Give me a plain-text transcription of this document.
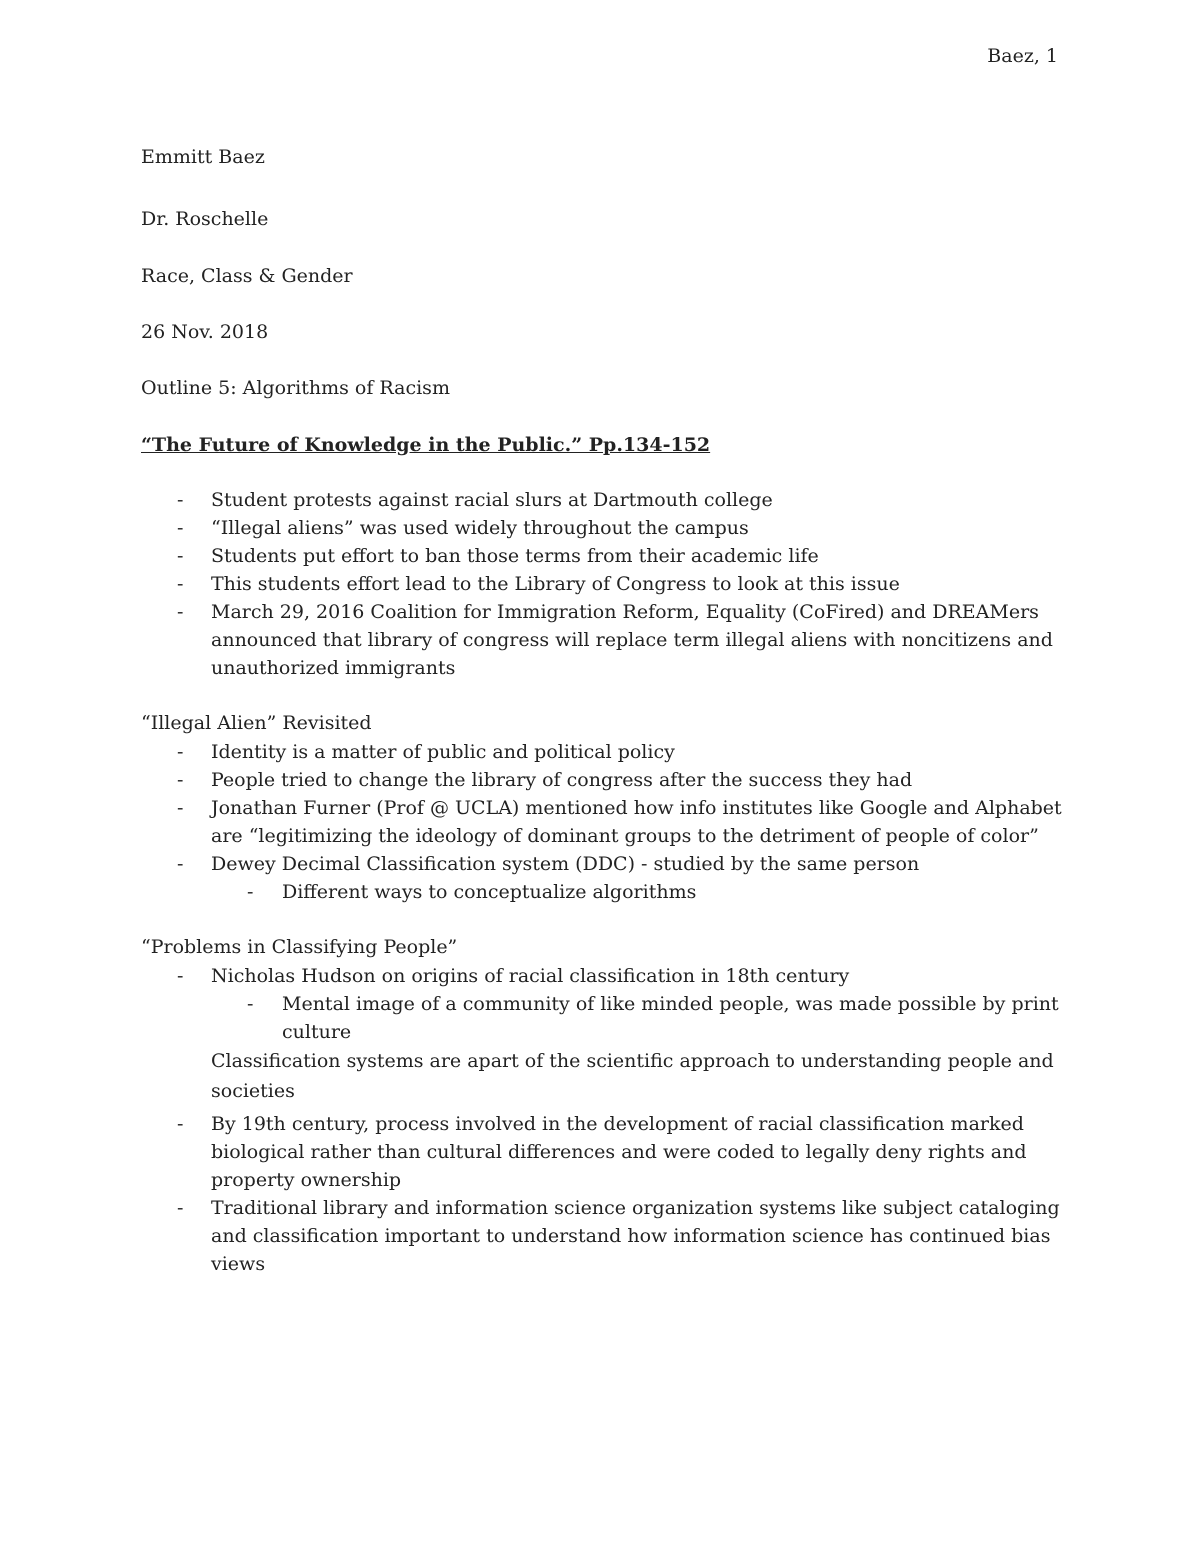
Baez, 1
Emmitt Baez
Dr. Roschelle
Race, Class & Gender
26 Nov. 2018
Outline 5: Algorithms of Racism
“The Future of Knowledge in the Public.” Pp.134-152
- Student protests against racial slurs at Dartmouth college
- “Illegal aliens” was used widely throughout the campus
- Students put effort to ban those terms from their academic life
- This students effort lead to the Library of Congress to look at this issue
- March 29, 2016 Coalition for Immigration Reform, Equality (CoFired) and DREAMers announced that library of congress will replace term illegal aliens with noncitizens and unauthorized immigrants
“Illegal Alien” Revisited
- Identity is a matter of public and political policy
- People tried to change the library of congress after the success they had
- Jonathan Furner (Prof @ UCLA) mentioned how info institutes like Google and Alphabet are “legitimizing the ideology of dominant groups to the detriment of people of color”
- Dewey Decimal Classification system (DDC) - studied by the same person
- Different ways to conceptualize algorithms
“Problems in Classifying People”
- Nicholas Hudson on origins of racial classification in 18th century
- Mental image of a community of like minded people, was made possible by print culture
Classification systems are apart of the scientific approach to understanding people and societies
- By 19th century, process involved in the development of racial classification marked biological rather than cultural differences and were coded to legally deny rights and property ownership
- Traditional library and information science organization systems like subject cataloging and classification important to understand how information science has continued bias views
